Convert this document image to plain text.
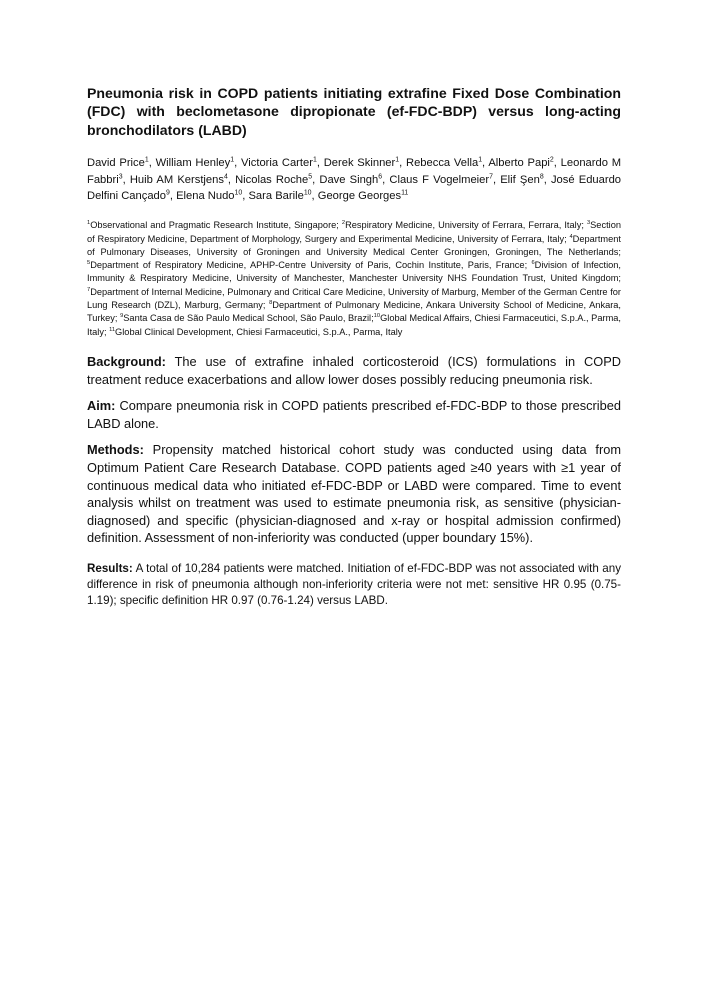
Pneumonia risk in COPD patients initiating extrafine Fixed Dose Combination (FDC) with beclometasone dipropionate (ef-FDC-BDP) versus long-acting bronchodilators (LABD)

David Price$^1$, William Henley$^1$, Victoria Carter$^1$, Derek Skinner$^1$, Rebecca Vella$^1$, Alberto Papi$^2$, Leonardo M Fabbri$^3$, Huib AM Kerstjens$^4$, Nicolas Roche$^5$, Dave Singh$^6$, Claus F Vogelmeier$^7$, Elif Şen$^8$, José Eduardo Delfini Cançado$^9$, Elena Nudo$^{10}$, Sara Barile$^{10}$, George Georges$^{11}$

$^1$Observational and Pragmatic Research Institute, Singapore; $^2$Respiratory Medicine, University of Ferrara, Ferrara, Italy; $^3$Section of Respiratory Medicine, Department of Morphology, Surgery and Experimental Medicine, University of Ferrara, Italy; $^4$Department of Pulmonary Diseases, University of Groningen and University Medical Center Groningen, Groningen, The Netherlands; $^5$Department of Respiratory Medicine, APHP-Centre University of Paris, Cochin Institute, Paris, France; $^6$Division of Infection, Immunity & Respiratory Medicine, University of Manchester, Manchester University NHS Foundation Trust, United Kingdom; $^7$Department of Internal Medicine, Pulmonary and Critical Care Medicine, University of Marburg, Member of the German Centre for Lung Research (DZL), Marburg, Germany; $^8$Department of Pulmonary Medicine, Ankara University School of Medicine, Ankara, Turkey; $^9$Santa Casa de São Paulo Medical School, São Paulo, Brazil;$^{10}$Global Medical Affairs, Chiesi Farmaceutici, S.p.A., Parma, Italy; $^{11}$Global Clinical Development, Chiesi Farmaceutici, S.p.A., Parma, Italy

Background: The use of extrafine inhaled corticosteroid (ICS) formulations in COPD treatment reduce exacerbations and allow lower doses possibly reducing pneumonia risk.

Aim: Compare pneumonia risk in COPD patients prescribed ef-FDC-BDP to those prescribed LABD alone.

Methods: Propensity matched historical cohort study was conducted using data from Optimum Patient Care Research Database. COPD patients aged ≥40 years with ≥1 year of continuous medical data who initiated ef-FDC-BDP or LABD were compared. Time to event analysis whilst on treatment was used to estimate pneumonia risk, as sensitive (physician-diagnosed) and specific (physician-diagnosed and x-ray or hospital admission confirmed) definition. Assessment of non-inferiority was conducted (upper boundary 15%).

Results: A total of 10,284 patients were matched. Initiation of ef-FDC-BDP was not associated with any difference in risk of pneumonia although non-inferiority criteria were not met: sensitive HR 0.95 (0.75-1.19); specific definition HR 0.97 (0.76-1.24) versus LABD.
